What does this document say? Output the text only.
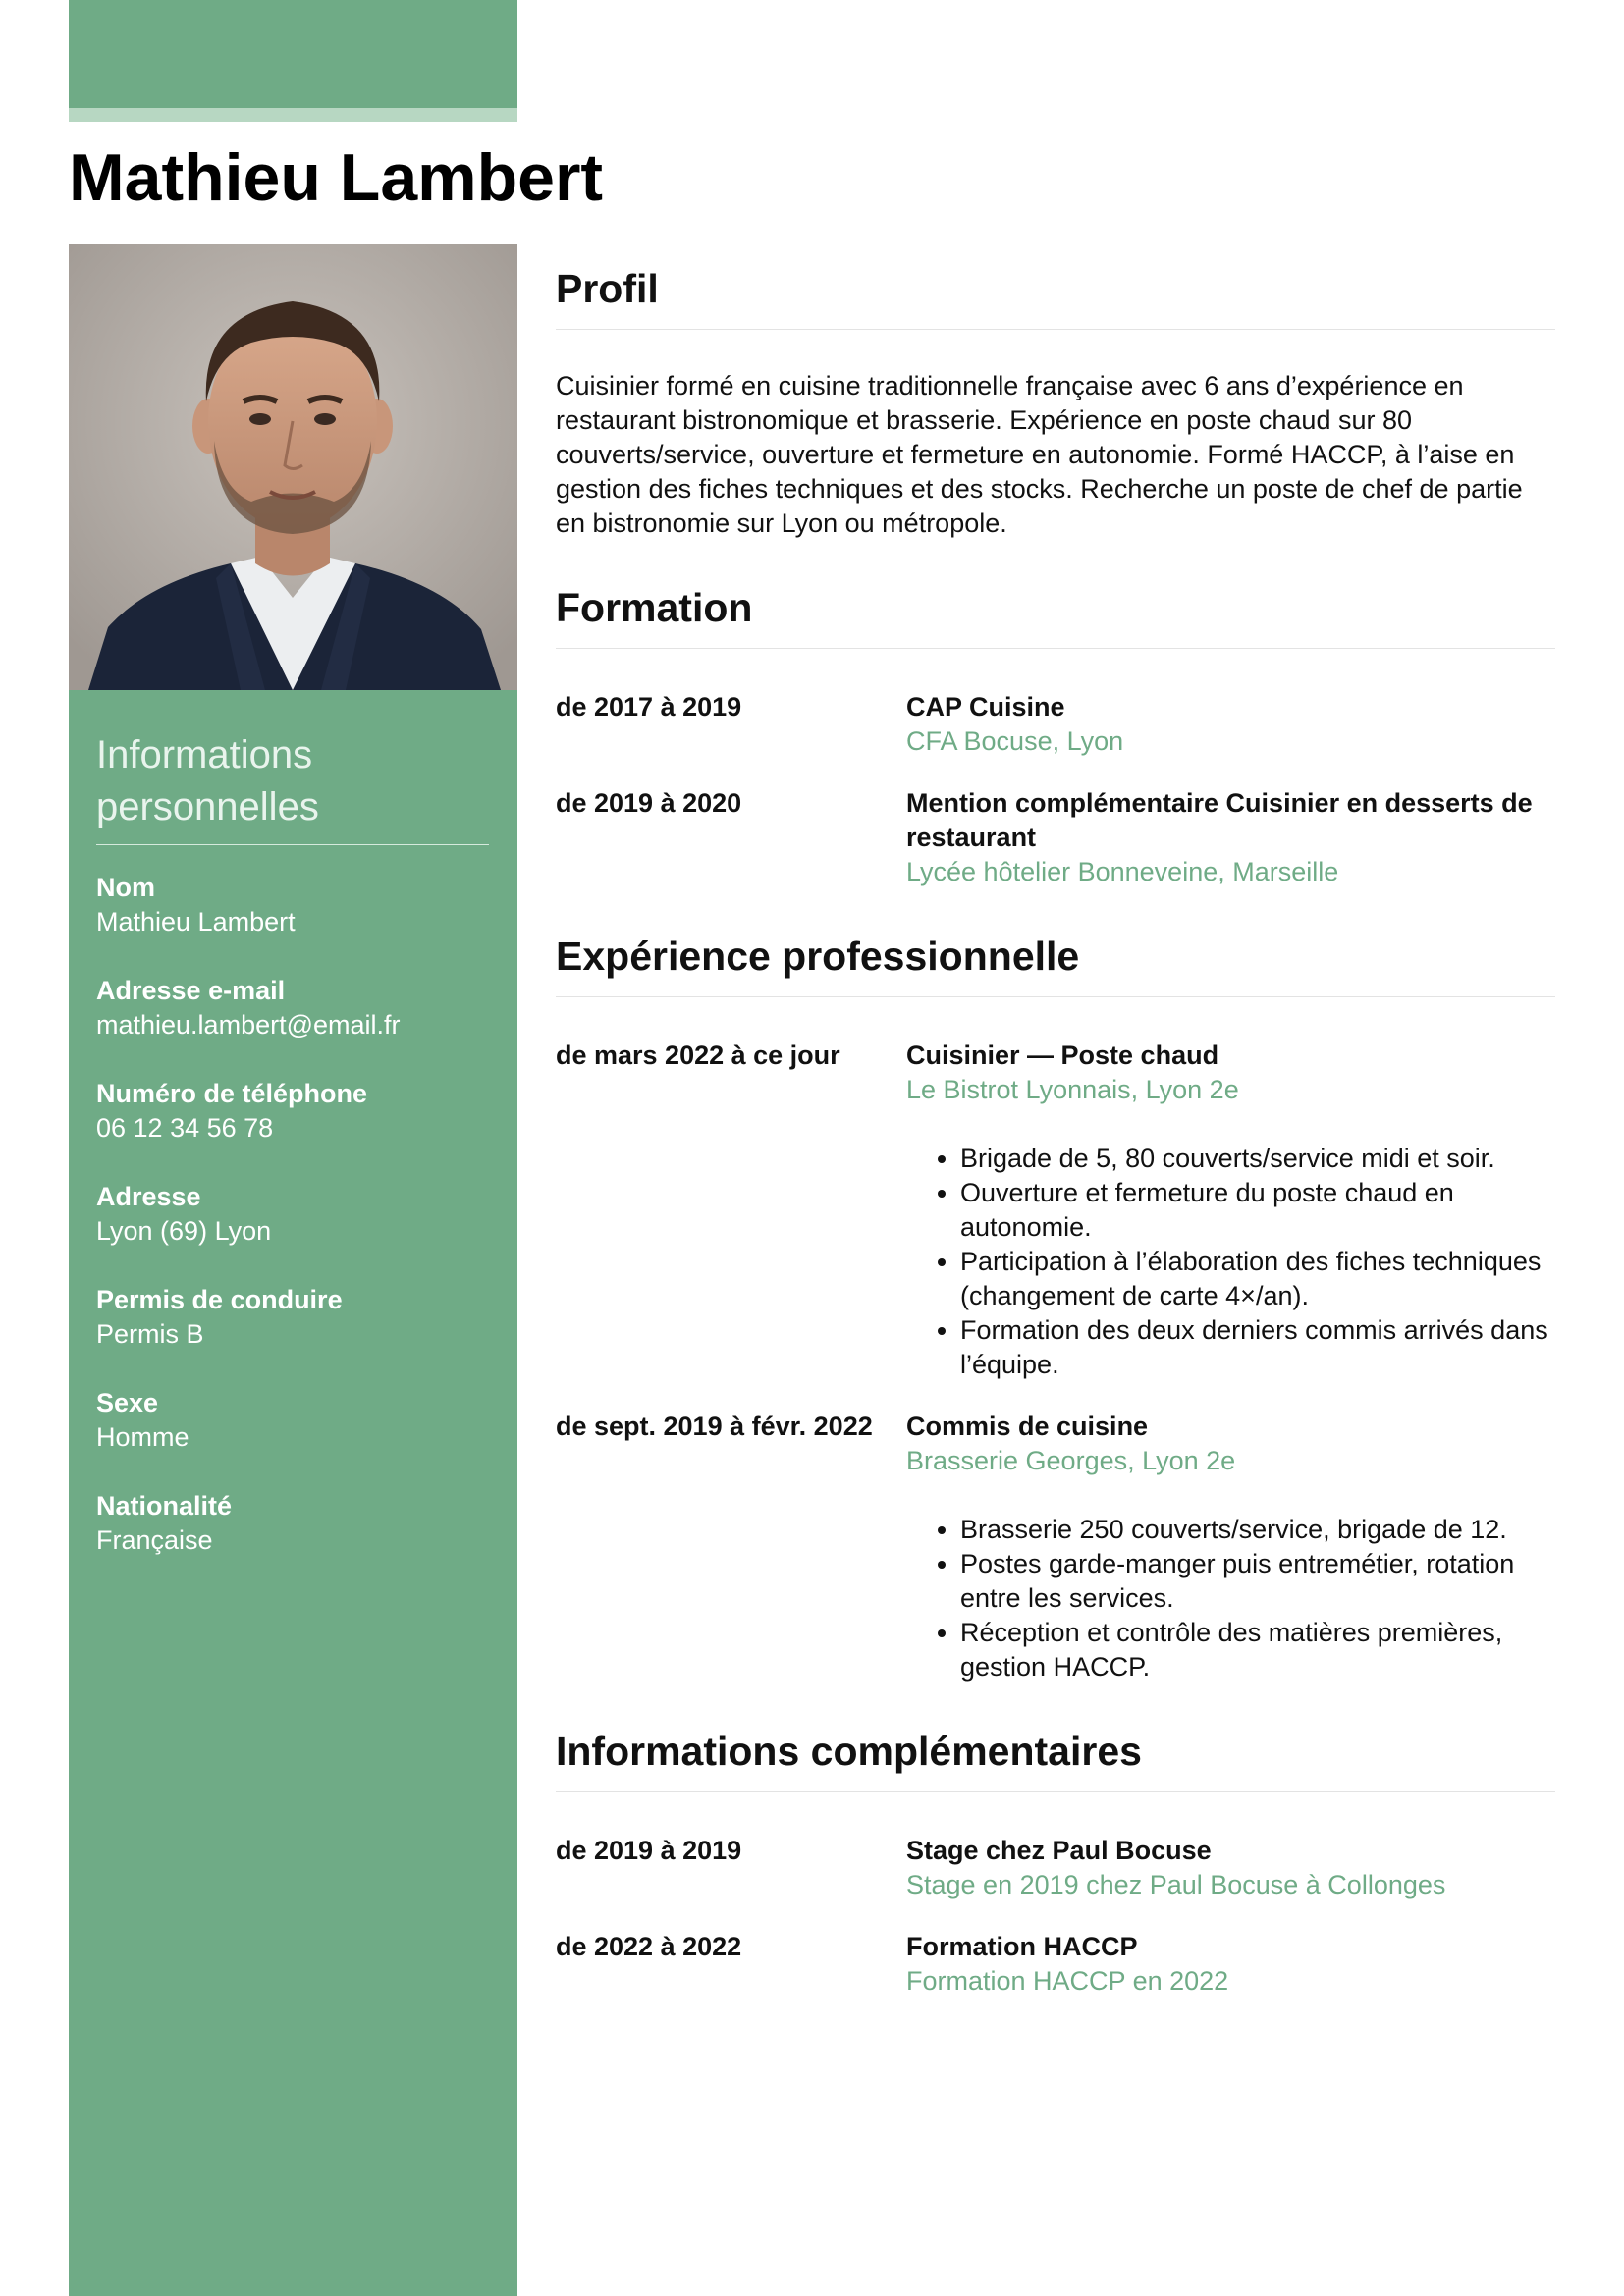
Mathieu Lambert
Informations personnelles
Nom
Mathieu Lambert
Adresse e-mail
mathieu.lambert@email.fr
Numéro de téléphone
06 12 34 56 78
Adresse
Lyon (69) Lyon
Permis de conduire
Permis B
Sexe
Homme
Nationalité
Française
Profil

Cuisinier formé en cuisine traditionnelle française avec 6 ans d’expérience en restaurant bistronomique et brasserie. Expérience en poste chaud sur 80 couverts/service, ouverture et fermeture en autonomie. Formé HACCP, à l’aise en gestion des fiches techniques et des stocks. Recherche un poste de chef de partie en bistronomie sur Lyon ou métropole.

Formation
de 2017 à 2019	CAP Cuisine
CFA Bocuse, Lyon
de 2019 à 2020	Mention complémentaire Cuisinier en desserts de restaurant
Lycée hôtelier Bonneveine, Marseille
Expérience professionnelle
de mars 2022 à ce jour	Cuisinier — Poste chaud
Le Bistrot Lyonnais, Lyon 2e
• Brigade de 5, 80 couverts/service midi et soir.
• Ouverture et fermeture du poste chaud en autonomie.
• Participation à l’élaboration des fiches techniques (changement de carte 4×/an).
• Formation des deux derniers commis arrivés dans l’équipe.
de sept. 2019 à févr. 2022	Commis de cuisine
Brasserie Georges, Lyon 2e
• Brasserie 250 couverts/service, brigade de 12.
• Postes garde-manger puis entremétier, rotation entre les services.
• Réception et contrôle des matières premières, gestion HACCP.
Informations complémentaires
de 2019 à 2019	Stage chez Paul Bocuse
Stage en 2019 chez Paul Bocuse à Collonges
de 2022 à 2022	Formation HACCP
Formation HACCP en 2022
